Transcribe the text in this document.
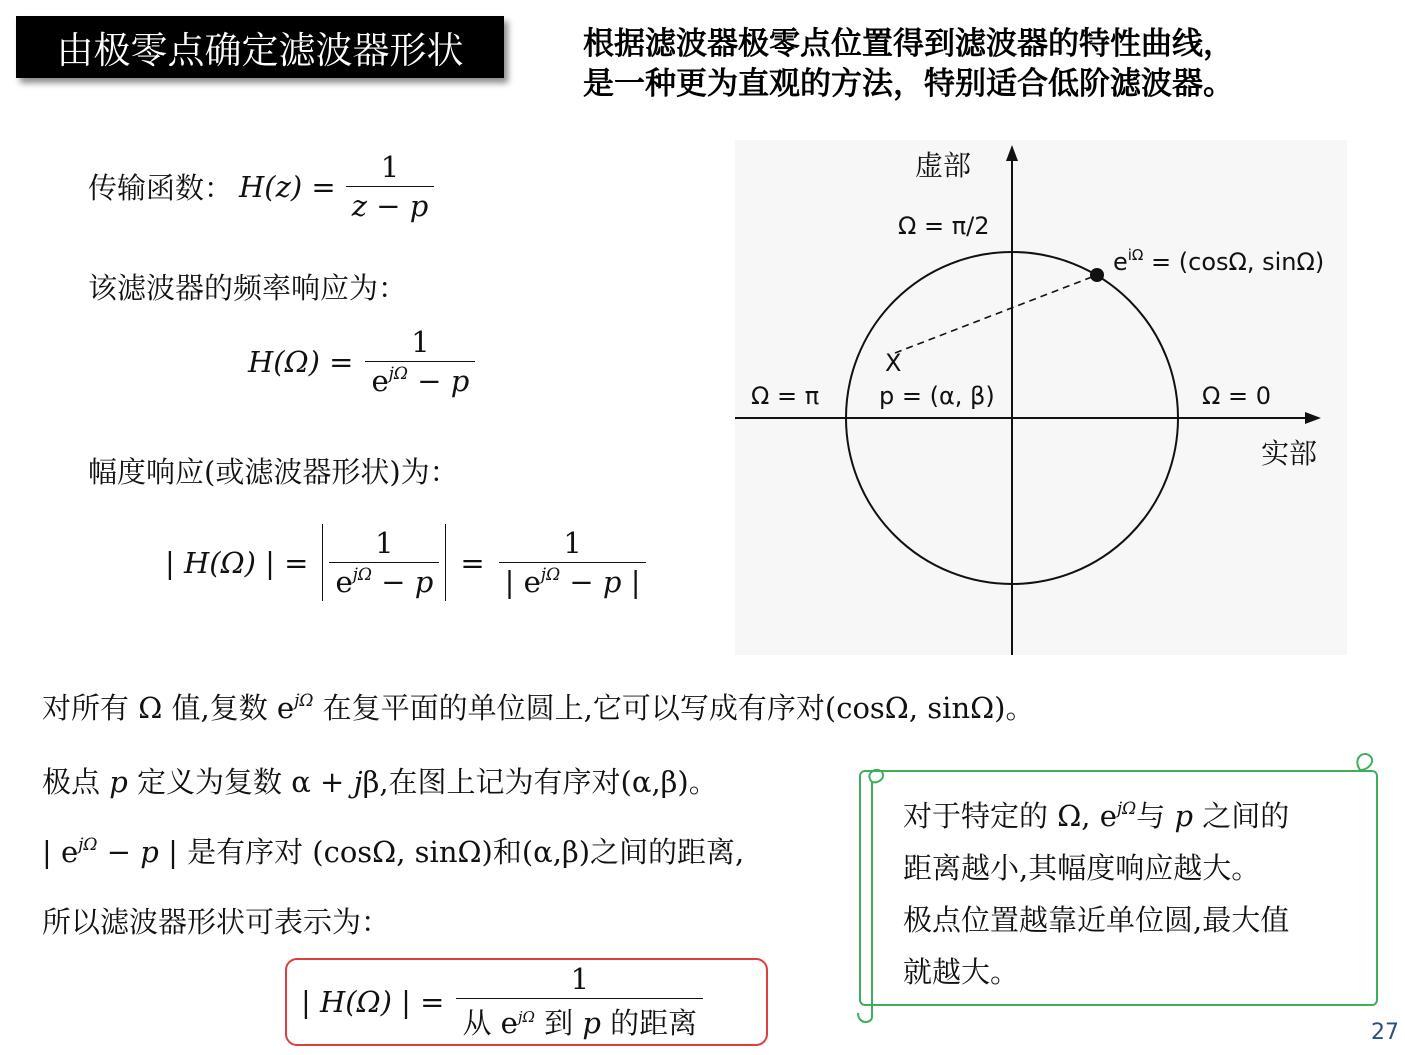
由极零点确定滤波器形状	根据滤波器极零点位置得到滤波器的特性曲线，
是一种更为直观的方法，特别适合低阶滤波器。
传输函数： $H(z) = \frac{1}{z - p}$
该滤波器的频率响应为：
$H(\Omega) = \frac{1}{e^{j\Omega} - p}$
幅度响应(或滤波器形状)为：
| H(Ω) | = $\frac{1}{e^{j\Omega} - p} = \frac{1}{| e^{j\Omega} - p |}$
虚部
实部
Ω = π/2
Ω = π	Ω = 0
$e^{i\Omega} = (\cos\Omega$, sinΩ)
X
p = (α, β)
对所有 Ω 值,复数 $e^{j\Omega}$ 在复平面的单位圆上,它可以写成有序对(cosΩ, sinΩ)。
极点 p 定义为复数 α + jβ,在图上记为有序对(α,β)。
| $e^{j\Omega} - p$ | 是有序对 (cosΩ, sinΩ)和(α,β)之间的距离,
所以滤波器形状可表示为：
| H(Ω) | = $\frac{1}{从 e^{j\Omega} 到 p 的距离}$
对于特定的 Ω, $e^{j\Omega}$与 p 之间的
距离越小,其幅度响应越大。
极点位置越靠近单位圆,最大值
就越大。
27
